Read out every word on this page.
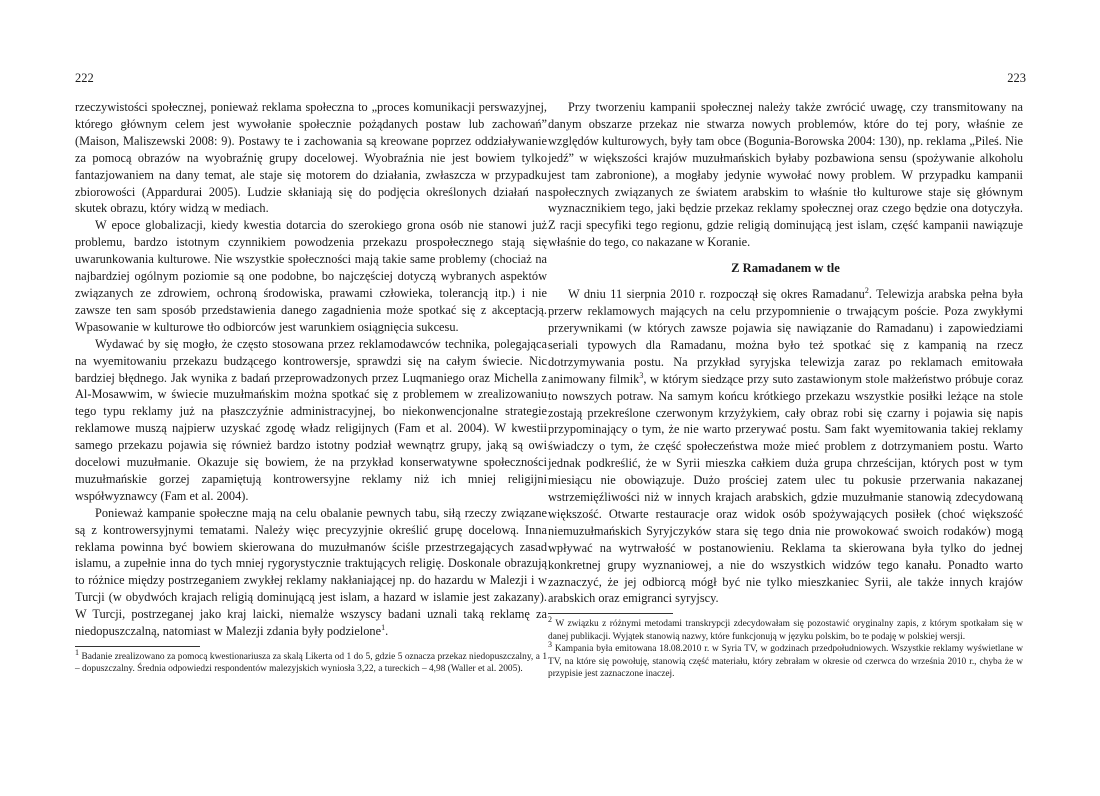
222

rzeczywistości społecznej, ponieważ reklama społeczna to „proces komunikacji perswazyjnej, którego głównym celem jest wywołanie społecznie pożądanych postaw lub zachowań” (Maison, Maliszewski 2008: 9). Postawy te i zachowania są kreowane poprzez oddziaływanie za pomocą obrazów na wyobraźnię grupy docelowej. Wyobraźnia nie jest bowiem tylko fantazjowaniem na dany temat, ale staje się motorem do działania, zwłaszcza w przypadku zbiorowości (Appardurai 2005). Ludzie skłaniają się do podjęcia określonych działań na skutek obrazu, który widzą w mediach.

W epoce globalizacji, kiedy kwestia dotarcia do szerokiego grona osób nie stanowi już problemu, bardzo istotnym czynnikiem powodzenia przekazu prospołecznego stają się uwarunkowania kulturowe. Nie wszystkie społeczności mają takie same problemy (chociaż na najbardziej ogólnym poziomie są one podobne, bo najczęściej dotyczą wybranych aspektów związanych ze zdrowiem, ochroną środowiska, prawami człowieka, tolerancją itp.) i nie zawsze ten sam sposób przedstawienia danego zagadnienia może spotkać się z akceptacją. Wpasowanie w kulturowe tło odbiorców jest warunkiem osiągnięcia sukcesu.

Wydawać by się mogło, że często stosowana przez reklamodawców technika, polegająca na wyemitowaniu przekazu budzącego kontrowersje, sprawdzi się na całym świecie. Nic bardziej błędnego. Jak wynika z badań przeprowadzonych przez Luqmaniego oraz Michella z Al-Mosawwim, w świecie muzułmańskim można spotkać się z problemem w zrealizowaniu tego typu reklamy już na płaszczyźnie administracyjnej, bo niekonwencjonalne strategie reklamowe muszą najpierw uzyskać zgodę władz religijnych (Fam et al. 2004). W kwestii samego przekazu pojawia się również bardzo istotny podział wewnątrz grupy, jaką są owi docelowi muzułmanie. Okazuje się bowiem, że na przykład konserwatywne społeczności muzułmańskie gorzej zapamiętują kontrowersyjne reklamy niż ich mniej religijni współwyznawcy (Fam et al. 2004).

Ponieważ kampanie społeczne mają na celu obalanie pewnych tabu, siłą rzeczy związane są z kontrowersyjnymi tematami. Należy więc precyzyjnie określić grupę docelową. Inna reklama powinna być bowiem skierowana do muzułmanów ściśle przestrzegających zasad islamu, a zupełnie inna do tych mniej rygorystycznie traktujących religię. Doskonale obrazują to różnice między postrzeganiem zwykłej reklamy nakłaniającej np. do hazardu w Malezji i w Turcji (w obydwóch krajach religią dominującą jest islam, a hazard w islamie jest zakazany). W Turcji, postrzeganej jako kraj laicki, niemalże wszyscy badani uznali taką reklamę za niedopuszczalną, natomiast w Malezji zdania były podzielone$^1$.

$^1$ Badanie zrealizowano za pomocą kwestionariusza za skalą Likerta od 1 do 5, gdzie 5 oznacza przekaz niedopuszczalny, a 1 – dopuszczalny. Średnia odpowiedzi respondentów malezyjskich wyniosła 3,22, a tureckich – 4,98 (Waller et al. 2005).

223

Przy tworzeniu kampanii społecznej należy także zwrócić uwagę, czy transmitowany na danym obszarze przekaz nie stwarza nowych problemów, które do tej pory, właśnie ze względów kulturowych, były tam obce (Bogunia-Borowska 2004: 130), np. reklama „Pileś. Nie jedź” w większości krajów muzułmańskich byłaby pozbawiona sensu (spożywanie alkoholu jest tam zabronione), a mogłaby jedynie wywołać nowy problem. W przypadku kampanii społecznych związanych ze światem arabskim to właśnie tło kulturowe staje się głównym wyznacznikiem tego, jaki będzie przekaz reklamy społecznej oraz czego będzie ona dotyczyła. Z racji specyfiki tego regionu, gdzie religią dominującą jest islam, część kampanii nawiązuje właśnie do tego, co nakazane w Koranie.

Z Ramadanem w tle

W dniu 11 sierpnia 2010 r. rozpoczął się okres Ramadanu$^2$. Telewizja arabska pełna była przerw reklamowych mających na celu przypomnienie o trwającym poście. Poza zwykłymi przerywnikami (w których zawsze pojawia się nawiązanie do Ramadanu) i zapowiedziami seriali typowych dla Ramadanu, można było też spotkać się z kampanią na rzecz dotrzymywania postu. Na przykład syryjska telewizja zaraz po reklamach emitowała animowany filmik$^3$, w którym siedzące przy suto zastawionym stole małżeństwo próbuje coraz to nowszych potraw. Na samym końcu krótkiego przekazu wszystkie posiłki leżące na stole zostają przekreślone czerwonym krzyżykiem, cały obraz robi się czarny i pojawia się napis przypominający o tym, że nie warto przerywać postu. Sam fakt wyemitowania takiej reklamy świadczy o tym, że część społeczeństwa może mieć problem z dotrzymaniem postu. Warto jednak podkreślić, że w Syrii mieszka całkiem duża grupa chrześcijan, których post w tym miesiącu nie obowiązuje. Dużo prościej zatem ulec tu pokusie przerwania nakazanej wstrzemięźliwości niż w innych krajach arabskich, gdzie muzułmanie stanowią zdecydowaną większość. Otwarte restauracje oraz widok osób spożywających posiłek (choć większość niemuzułmańskich Syryjczyków stara się tego dnia nie prowokować swoich rodaków) mogą wpływać na wytrwałość w postanowieniu. Reklama ta skierowana była tylko do jednej konkretnej grupy wyznaniowej, a nie do wszystkich widzów tego kanału. Ponadto warto zaznaczyć, że jej odbiorcą mógł być nie tylko mieszkaniec Syrii, ale także innych krajów arabskich oraz emigranci syryjscy.

$^2$ W związku z różnymi metodami transkrypcji zdecydowałam się pozostawić oryginalny zapis, z którym spotkałam się w danej publikacji. Wyjątek stanowią nazwy, które funkcjonują w języku polskim, bo te podaję w polskiej wersji.

$^3$ Kampania była emitowana 18.08.2010 r. w Syria TV, w godzinach przedpołudniowych. Wszystkie reklamy wyświetlane w TV, na które się powołuję, stanowią część materiału, który zebrałam w okresie od czerwca do września 2010 r., chyba że w przypisie jest zaznaczone inaczej.
